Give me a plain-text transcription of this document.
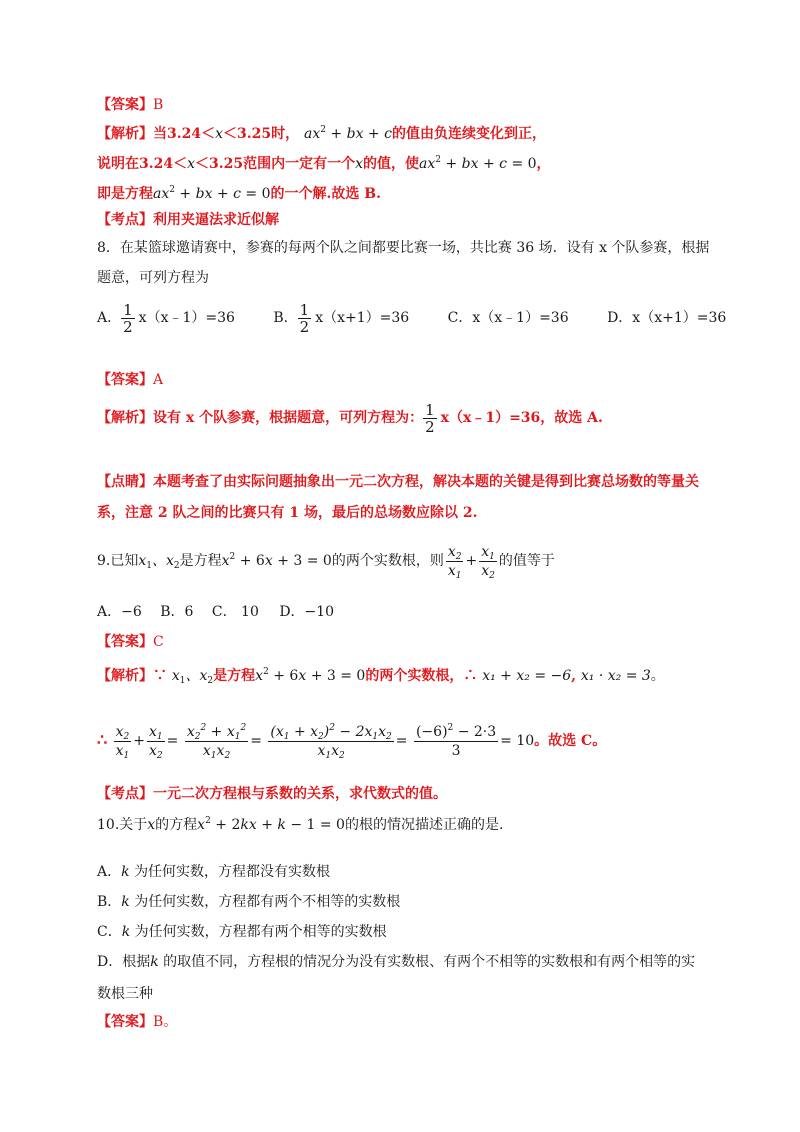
【答案】B
【解析】当3.24＜x＜3.25时， $ax^2$ + bx + c的值由负连续变化到正，
说明在3.24＜x＜3.25范围内一定有一个x的值，使$ax^2$ + bx + c = 0，
即是方程$ax^2$ + bx + c = 0的一个解.故选 B.
【考点】利用夹逼法求近似解
8．在某篮球邀请赛中，参赛的每两个队之间都要比赛一场，共比赛 36 场．设有 x 个队参赛，根据
题意，可列方程为
A． $\frac{1}{2}$ x（x﹣1）=36	B． $\frac{1}{2} x(x+1)=36$	C．x（x﹣1）=36	D．x（x+1）=36
【答案】A
【解析】设有 x 个队参赛，根据题意，可列方程为： $\frac{1}{2}$ x（x﹣1）=36，故选 A.
【点睛】本题考查了由实际问题抽象出一元二次方程，解决本题的关键是得到比赛总场数的等量关
系，注意 2 队之间的比赛只有 1 场，最后的总场数应除以 2.
9.已知$x_1$、$x_2$是方程$x^2 + 6x + 3 = 0$的两个实数根，则 $\frac{x_2}{x_1} + \frac{x_1}{x_2}$ 的值等于
A．−6 B．6 C． 10 D．−10
【答案】C
【解析】∵ $x_1$、$x_2$是方程$x^2 + 6x + 3 = 0$的两个实数根，∴ x₁ + x₂ = −6, x₁ · x₂ = 3。
∴ $\frac{x_2}{x_1} + \frac{x_1}{x_2} = \frac{x_2^2 + x_1^2}{x_1x_2} = \frac{(x_1 + x_2)^2 - 2x_1x_2}{x_1x_2} = \frac{(-6)^2 - 2\cdot 3}{3} = 10$。故选 C。
【考点】一元二次方程根与系数的关系，求代数式的值。
10.关于x的方程$x^2 + 2kx + k - 1 = 0$的根的情况描述正确的是.
A．k 为任何实数，方程都没有实数根
B．k 为任何实数，方程都有两个不相等的实数根
C．k 为任何实数，方程都有两个相等的实数根
D．根据k 的取值不同，方程根的情况分为没有实数根、有两个不相等的实数根和有两个相等的实
数根三种
【答案】B。
